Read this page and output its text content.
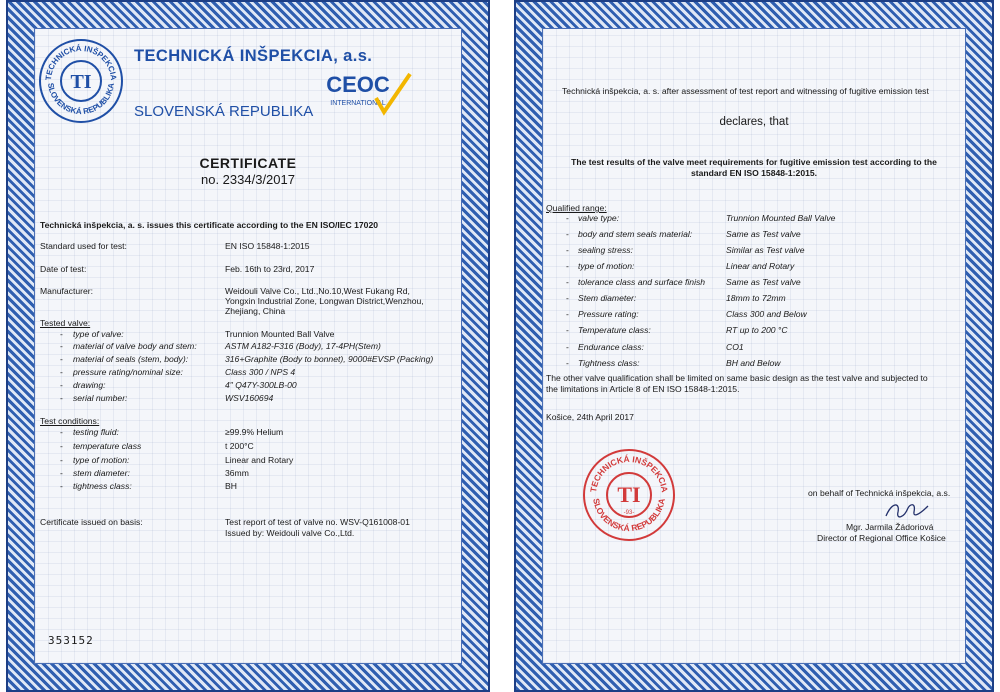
TECHNICKÁ INŠPEKCIA
SLOVENSKÁ REPUBLIKA
TI
TECHNICKÁ INŠPEKCIA, a.s.
SLOVENSKÁ REPUBLIKA
CEOC
INTERNATIONAL
CERTIFICATE
no. 2334/3/2017
Technická inšpekcia, a. s. issues this certificate according to the EN ISO/IEC 17020
Standard used for test:	EN ISO 15848-1:2015
Date of test:	Feb. 16th to 23rd, 2017
Manufacturer:	Weidouli Valve Co., Ltd.,No.10,West Fukang Rd,
Yongxin Industrial Zone, Longwan District,Wenzhou,
Zhejiang, China
Tested valve:
- type of valve:	Trunnion Mounted Ball Valve
- material of valve body and stem:	ASTM A182-F316 (Body), 17-4PH(Stem)
- material of seals (stem, body):	316+Graphite (Body to bonnet), 9000#EVSP (Packing)
- pressure rating/nominal size:	Class 300 / NPS 4
- drawing:	4" Q47Y-300LB-00
- serial number:	WSV160694
Test conditions:
- testing fluid:	≥99.9% Helium
- temperature class	t 200°C
- type of motion:	Linear and Rotary
- stem diameter:	36mm
- tightness class:	BH
Certificate issued on basis:	Test report of test of valve no. WSV-Q161008-01
Issued by: Weidouli valve Co.,Ltd.
353152
Technická inšpekcia, a. s. after assessment of test report and witnessing of fugitive emission test
declares, that
The test results of the valve meet requirements for fugitive emission test according to the
standard EN ISO 15848-1:2015.
Qualified range:
- valve type:	Trunnion Mounted Ball Valve
- body and stem seals material:	Same as Test valve
- sealing stress:	Similar as Test valve
- type of motion:	Linear and Rotary
- tolerance class and surface finish Same as Test valve
- Stem diameter:	18mm to 72mm
- Pressure rating:	Class 300 and Below
- Temperature class:	RT up to 200 °C
- Endurance class:	CO1
- Tightness class:	BH and Below
The other valve qualification shall be limited on same basic design as the test valve and subjected to
the limitations in Article 8 of EN ISO 15848-1:2015.
Košice, 24th April 2017
TECHNICKÁ INŠPEKCIA
SLOVENSKÁ REPUBLIKA
TI
-93-
on behalf of Technická inšpekcia, a.s.
Mgr. Jarmila Žádoriová
Director of Regional Office Košice
